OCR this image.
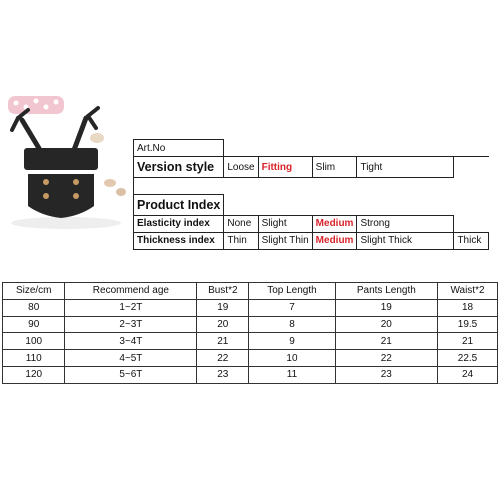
Art.No					
Version style	Loose	Fitting	Slim	Tight	

Product Index					
Elasticity index	None	Slight	Medium	Strong	
Thickness index	Thin	Slight Thin	Medium	Slight Thick	Thick
Size/cm	Recommend age	Bust*2	Top Length	Pants Length	Waist*2
80	1~2T	19	7	19	18
90	2~3T	20	8	20	19.5
100	3~4T	21	9	21	21
110	4~5T	22	10	22	22.5
120	5~6T	23	11	23	24
